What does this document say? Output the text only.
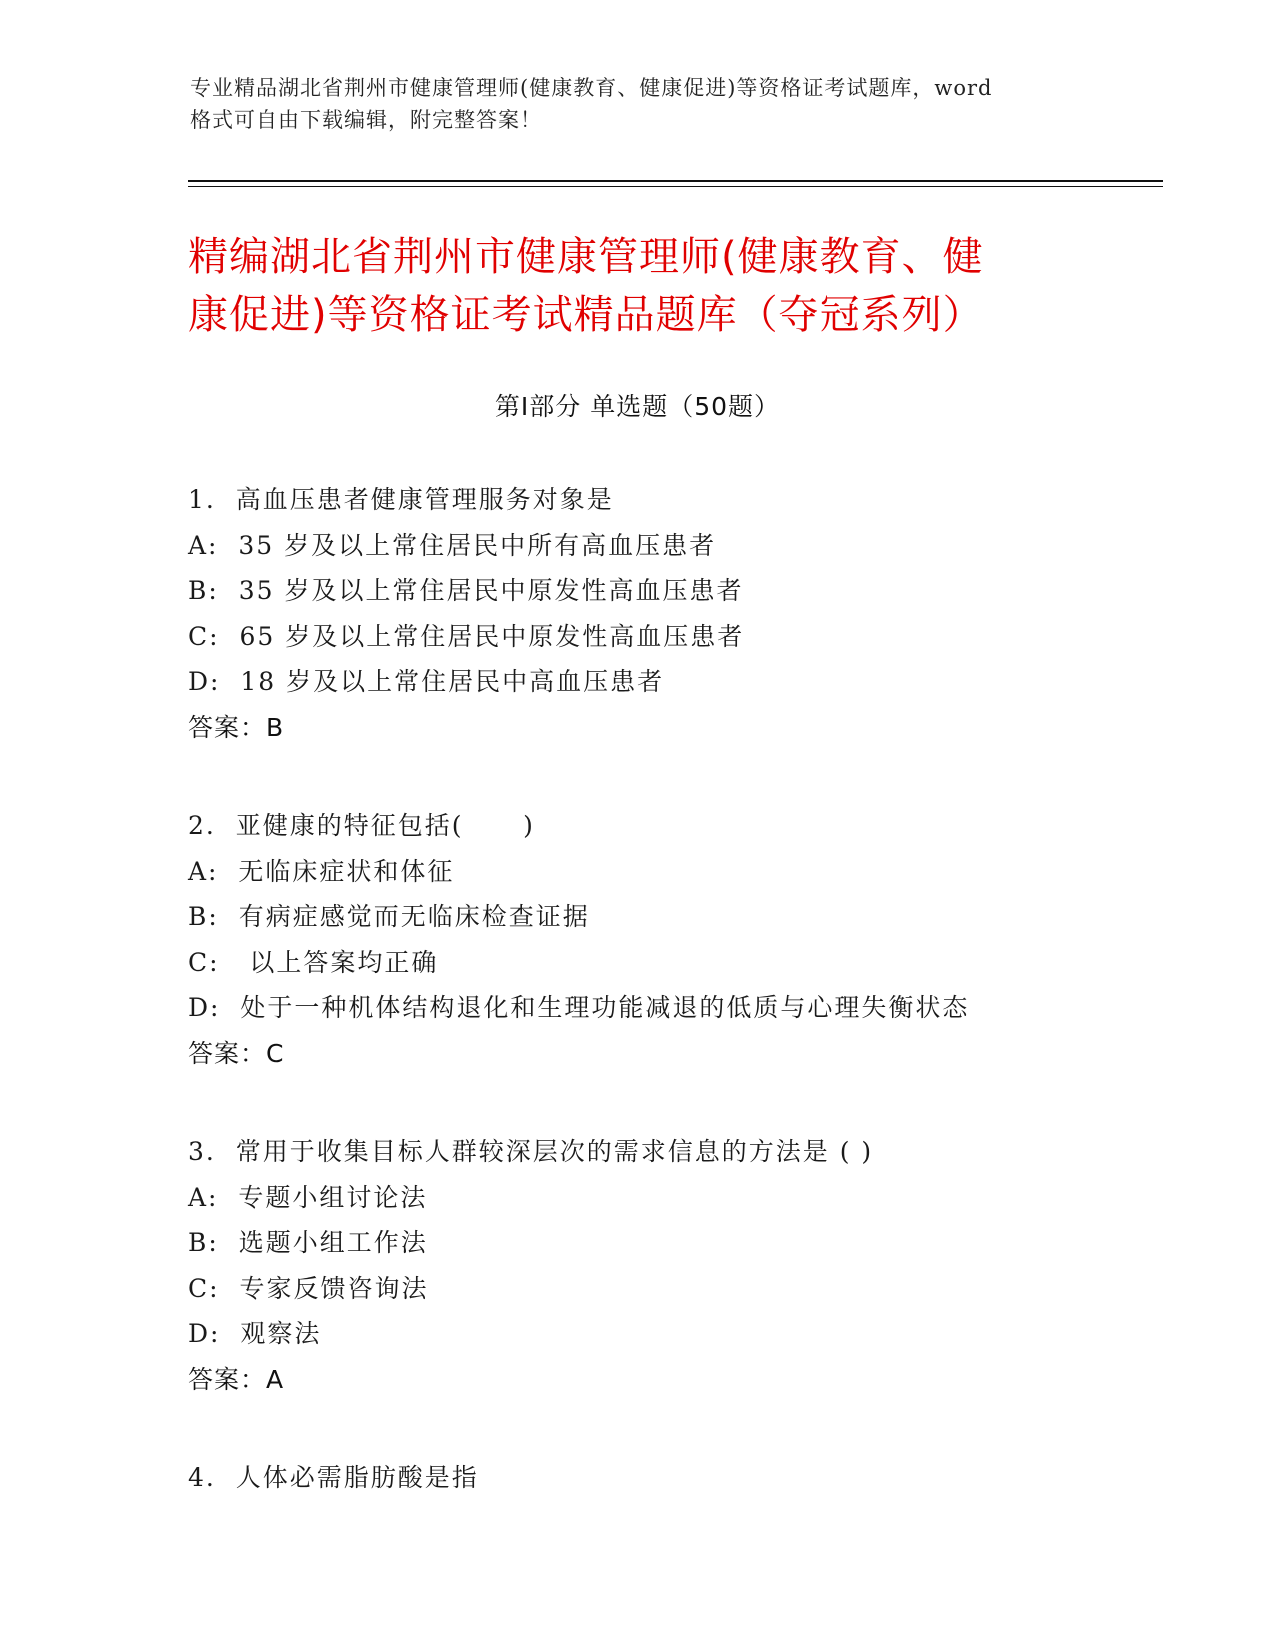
专业精品湖北省荆州市健康管理师(健康教育、健康促进)等资格证考试题库，word
格式可自由下载编辑，附完整答案！
精编湖北省荆州市健康管理师(健康教育、健
康促进)等资格证考试精品题库（夺冠系列）
第Ⅰ部分 单选题（50题）
1.  高血压患者健康管理服务对象是
A:  35 岁及以上常住居民中所有高血压患者
B:  35 岁及以上常住居民中原发性高血压患者
C:  65 岁及以上常住居民中原发性高血压患者
D:  18 岁及以上常住居民中高血压患者
答案：B
2.  亚健康的特征包括(      )
A:  无临床症状和体征
B:  有病症感觉而无临床检查证据
C:   以上答案均正确
D:  处于一种机体结构退化和生理功能减退的低质与心理失衡状态
答案：C
3.  常用于收集目标人群较深层次的需求信息的方法是 ( )
A:  专题小组讨论法
B:  选题小组工作法
C:  专家反馈咨询法
D:  观察法
答案：A
4.  人体必需脂肪酸是指
